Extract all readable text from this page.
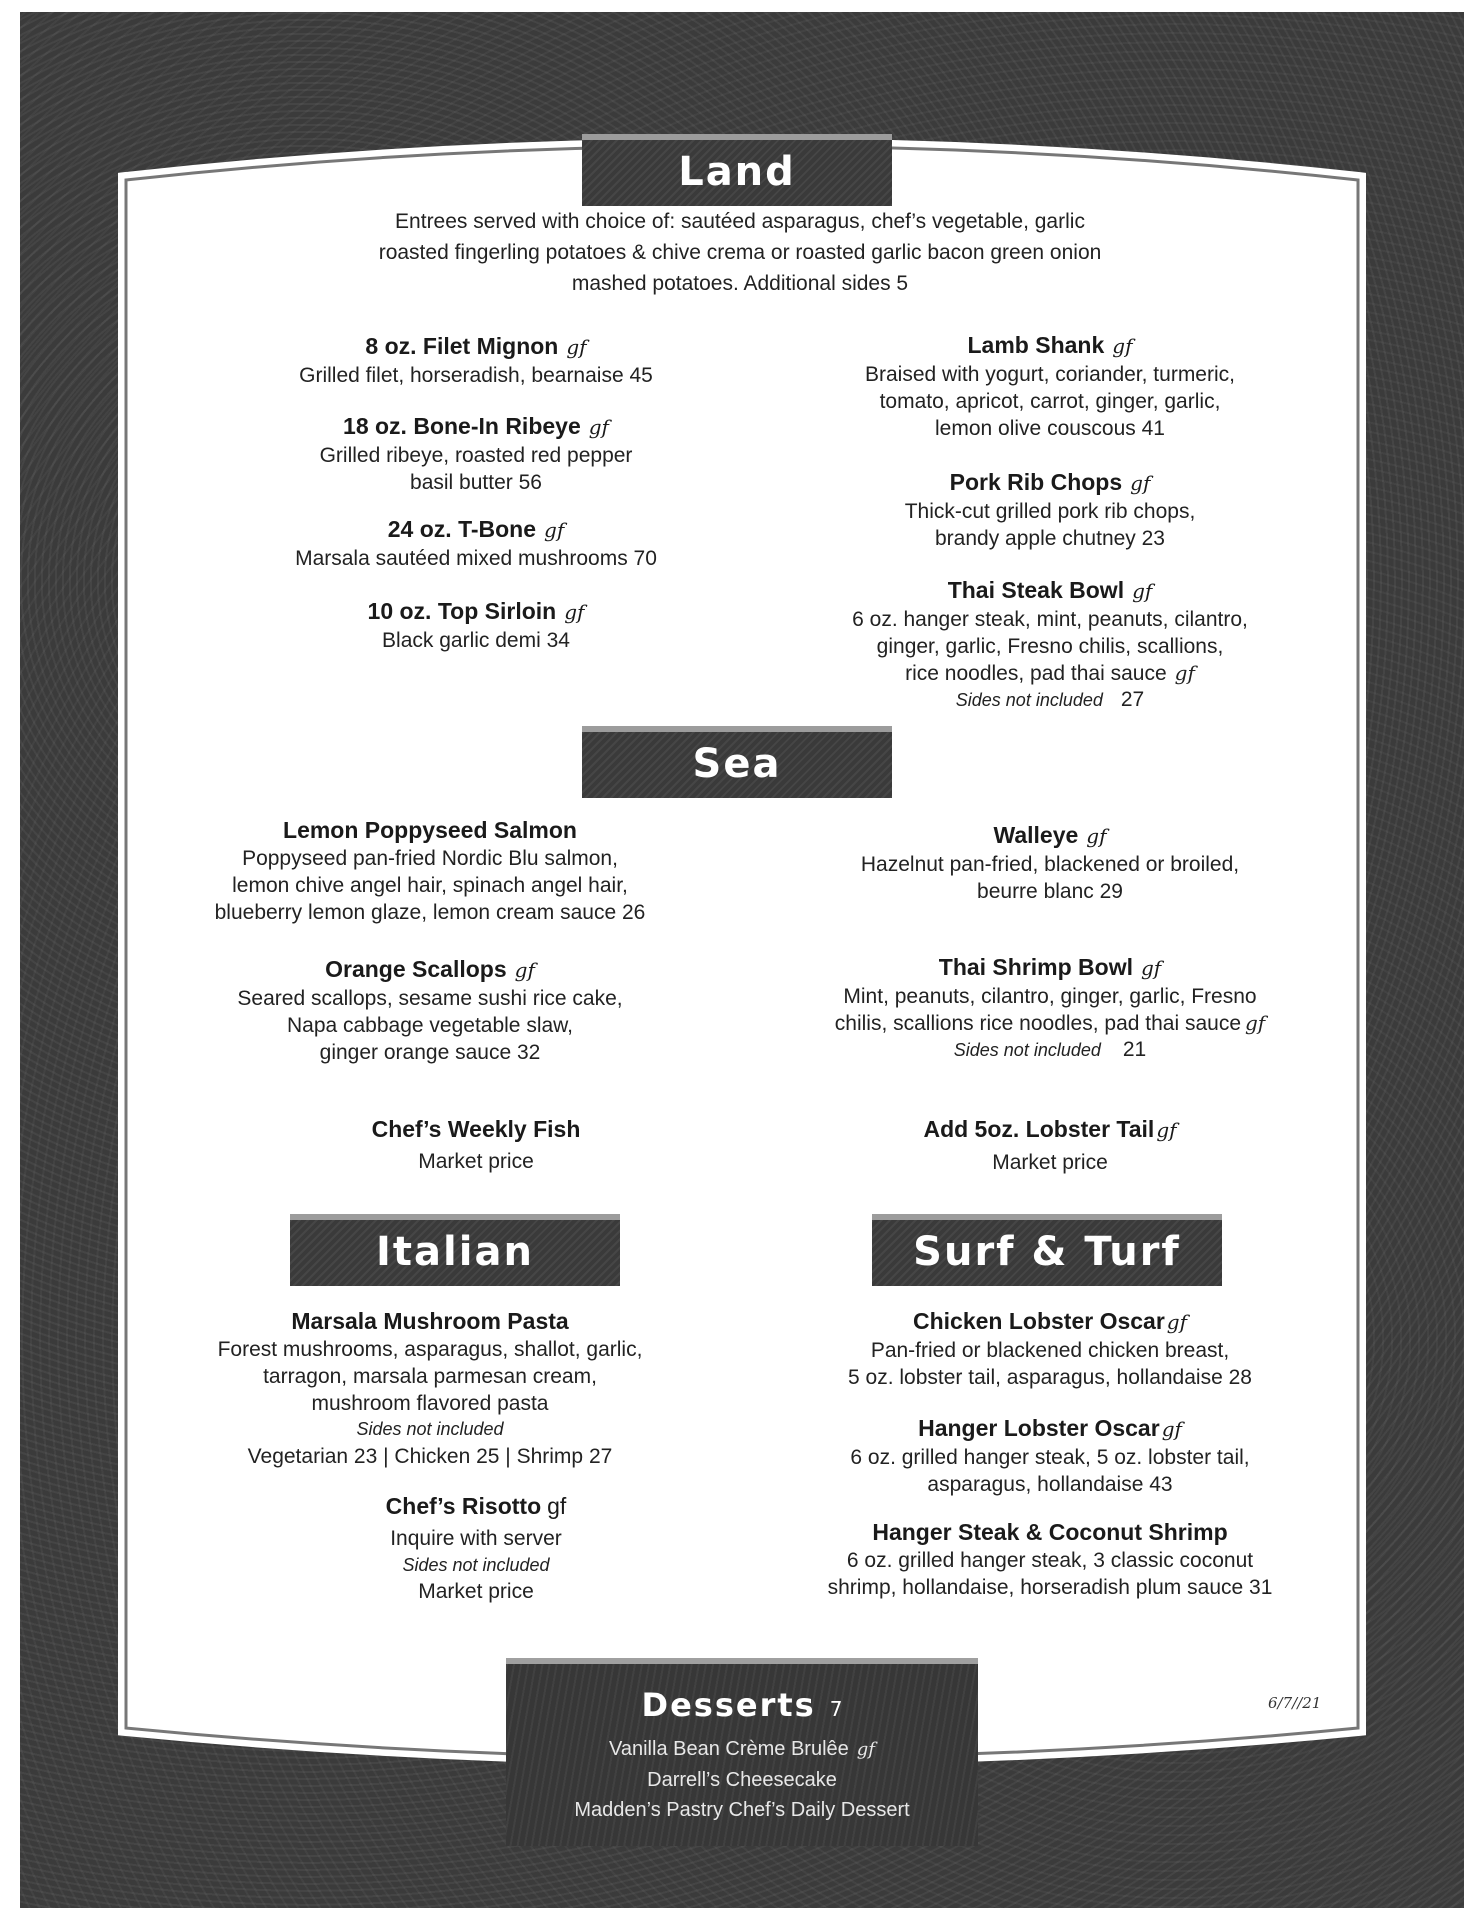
Land
Entrees served with choice of: sautéed asparagus, chef’s vegetable, garlic
roasted fingerling potatoes & chive crema or roasted garlic bacon green onion
mashed potatoes. Additional sides 5
8 oz. Filet Mignon gf
Grilled filet, horseradish, bearnaise 45
18 oz. Bone-In Ribeye gf
Grilled ribeye, roasted red pepper
basil butter 56
24 oz. T-Bone gf
Marsala sautéed mixed mushrooms 70
10 oz. Top Sirloin gf
Black garlic demi 34
Lamb Shank gf
Braised with yogurt, coriander, turmeric,
tomato, apricot, carrot, ginger, garlic,
lemon olive couscous 41
Pork Rib Chops gf
Thick-cut grilled pork rib chops,
brandy apple chutney 23
Thai Steak Bowl gf
6 oz. hanger steak, mint, peanuts, cilantro,
ginger, garlic, Fresno chilis, scallions,
rice noodles, pad thai sauce gf
Sides not included 27
Sea
Lemon Poppyseed Salmon
Poppyseed pan-fried Nordic Blu salmon,
lemon chive angel hair, spinach angel hair,
blueberry lemon glaze, lemon cream sauce 26
Orange Scallops gf
Seared scallops, sesame sushi rice cake,
Napa cabbage vegetable slaw,
ginger orange sauce 32
Walleye gf
Hazelnut pan-fried, blackened or broiled,
beurre blanc 29
Thai Shrimp Bowl gf
Mint, peanuts, cilantro, ginger, garlic, Fresno
chilis, scallions rice noodles, pad thai sauce gf
Sides not included 21
Chef’s Weekly Fish
Market price
Add 5oz. Lobster Tail gf
Market price
Italian
Marsala Mushroom Pasta
Forest mushrooms, asparagus, shallot, garlic,
tarragon, marsala parmesan cream,
mushroom flavored pasta
Sides not included
Vegetarian 23 | Chicken 25 | Shrimp 27
Chef’s Risotto gf
Inquire with server
Sides not included
Market price
Surf & Turf
Chicken Lobster Oscar gf
Pan-fried or blackened chicken breast,
5 oz. lobster tail, asparagus, hollandaise 28
Hanger Lobster Oscar gf
6 oz. grilled hanger steak, 5 oz. lobster tail,
asparagus, hollandaise 43
Hanger Steak & Coconut Shrimp
6 oz. grilled hanger steak, 3 classic coconut
shrimp, hollandaise, horseradish plum sauce 31
6/7//21
Desserts 7
Vanilla Bean Crème Brulêe gf
Darrell’s Cheesecake
Madden’s Pastry Chef’s Daily Dessert
